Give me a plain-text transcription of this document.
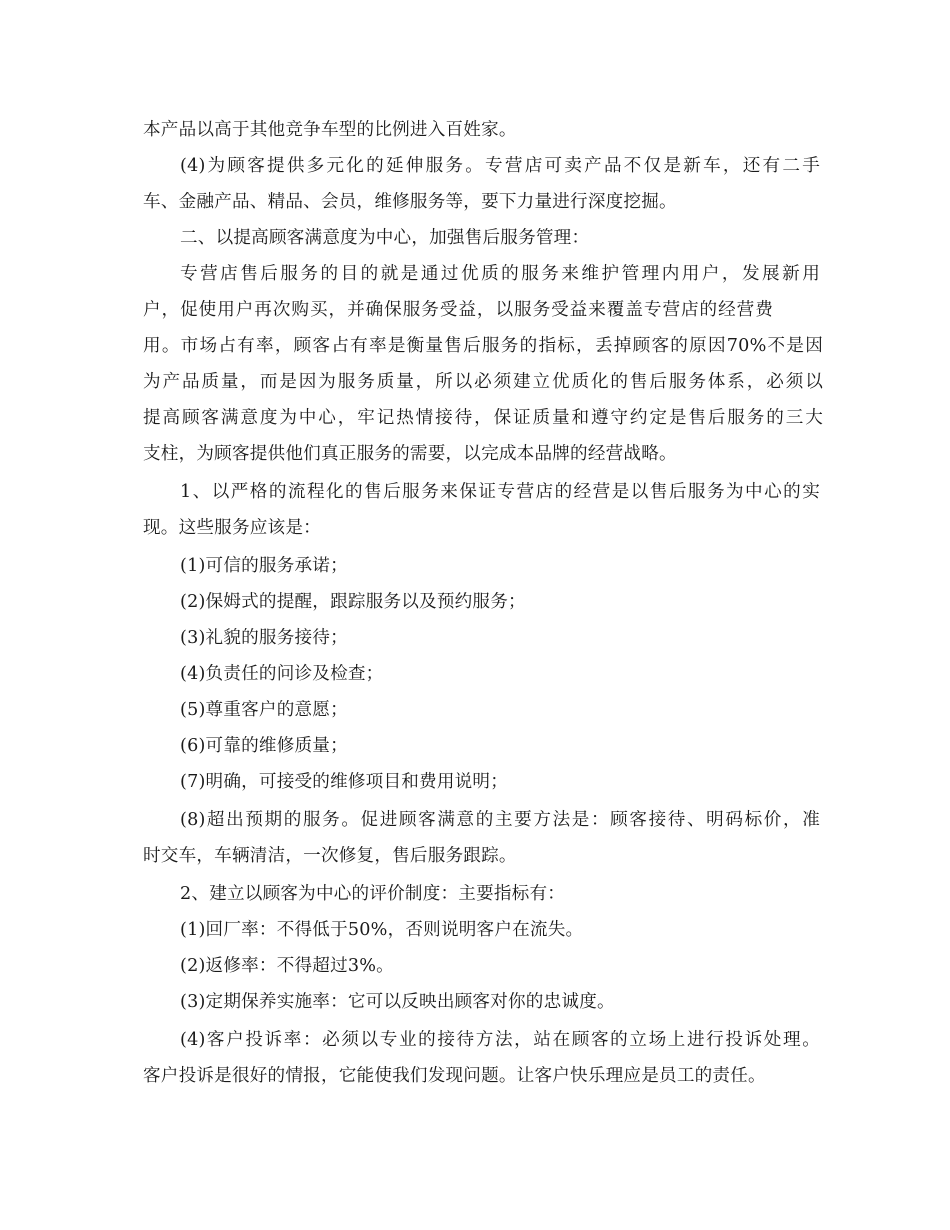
本产品以高于其他竞争车型的比例进入百姓家。
(4)为顾客提供多元化的延伸服务。专营店可卖产品不仅是新车，还有二手
车、金融产品、精品、会员，维修服务等，要下力量进行深度挖掘。
二、以提高顾客满意度为中心，加强售后服务管理：
专营店售后服务的目的就是通过优质的服务来维护管理内用户，发展新用
户，促使用户再次购买，并确保服务受益，以服务受益来覆盖专营店的经营费
用。市场占有率，顾客占有率是衡量售后服务的指标，丢掉顾客的原因70%不是因
为产品质量，而是因为服务质量，所以必须建立优质化的售后服务体系，必须以
提高顾客满意度为中心，牢记热情接待，保证质量和遵守约定是售后服务的三大
支柱，为顾客提供他们真正服务的需要，以完成本品牌的经营战略。
1、以严格的流程化的售后服务来保证专营店的经营是以售后服务为中心的实
现。这些服务应该是：
(1)可信的服务承诺；
(2)保姆式的提醒，跟踪服务以及预约服务；
(3)礼貌的服务接待；
(4)负责任的问诊及检查；
(5)尊重客户的意愿；
(6)可靠的维修质量；
(7)明确，可接受的维修项目和费用说明；
(8)超出预期的服务。促进顾客满意的主要方法是：顾客接待、明码标价，准
时交车，车辆清洁，一次修复，售后服务跟踪。
2、建立以顾客为中心的评价制度：主要指标有：
(1)回厂率：不得低于50%，否则说明客户在流失。
(2)返修率：不得超过3%。
(3)定期保养实施率：它可以反映出顾客对你的忠诚度。
(4)客户投诉率：必须以专业的接待方法，站在顾客的立场上进行投诉处理。
客户投诉是很好的情报，它能使我们发现问题。让客户快乐理应是员工的责任。
